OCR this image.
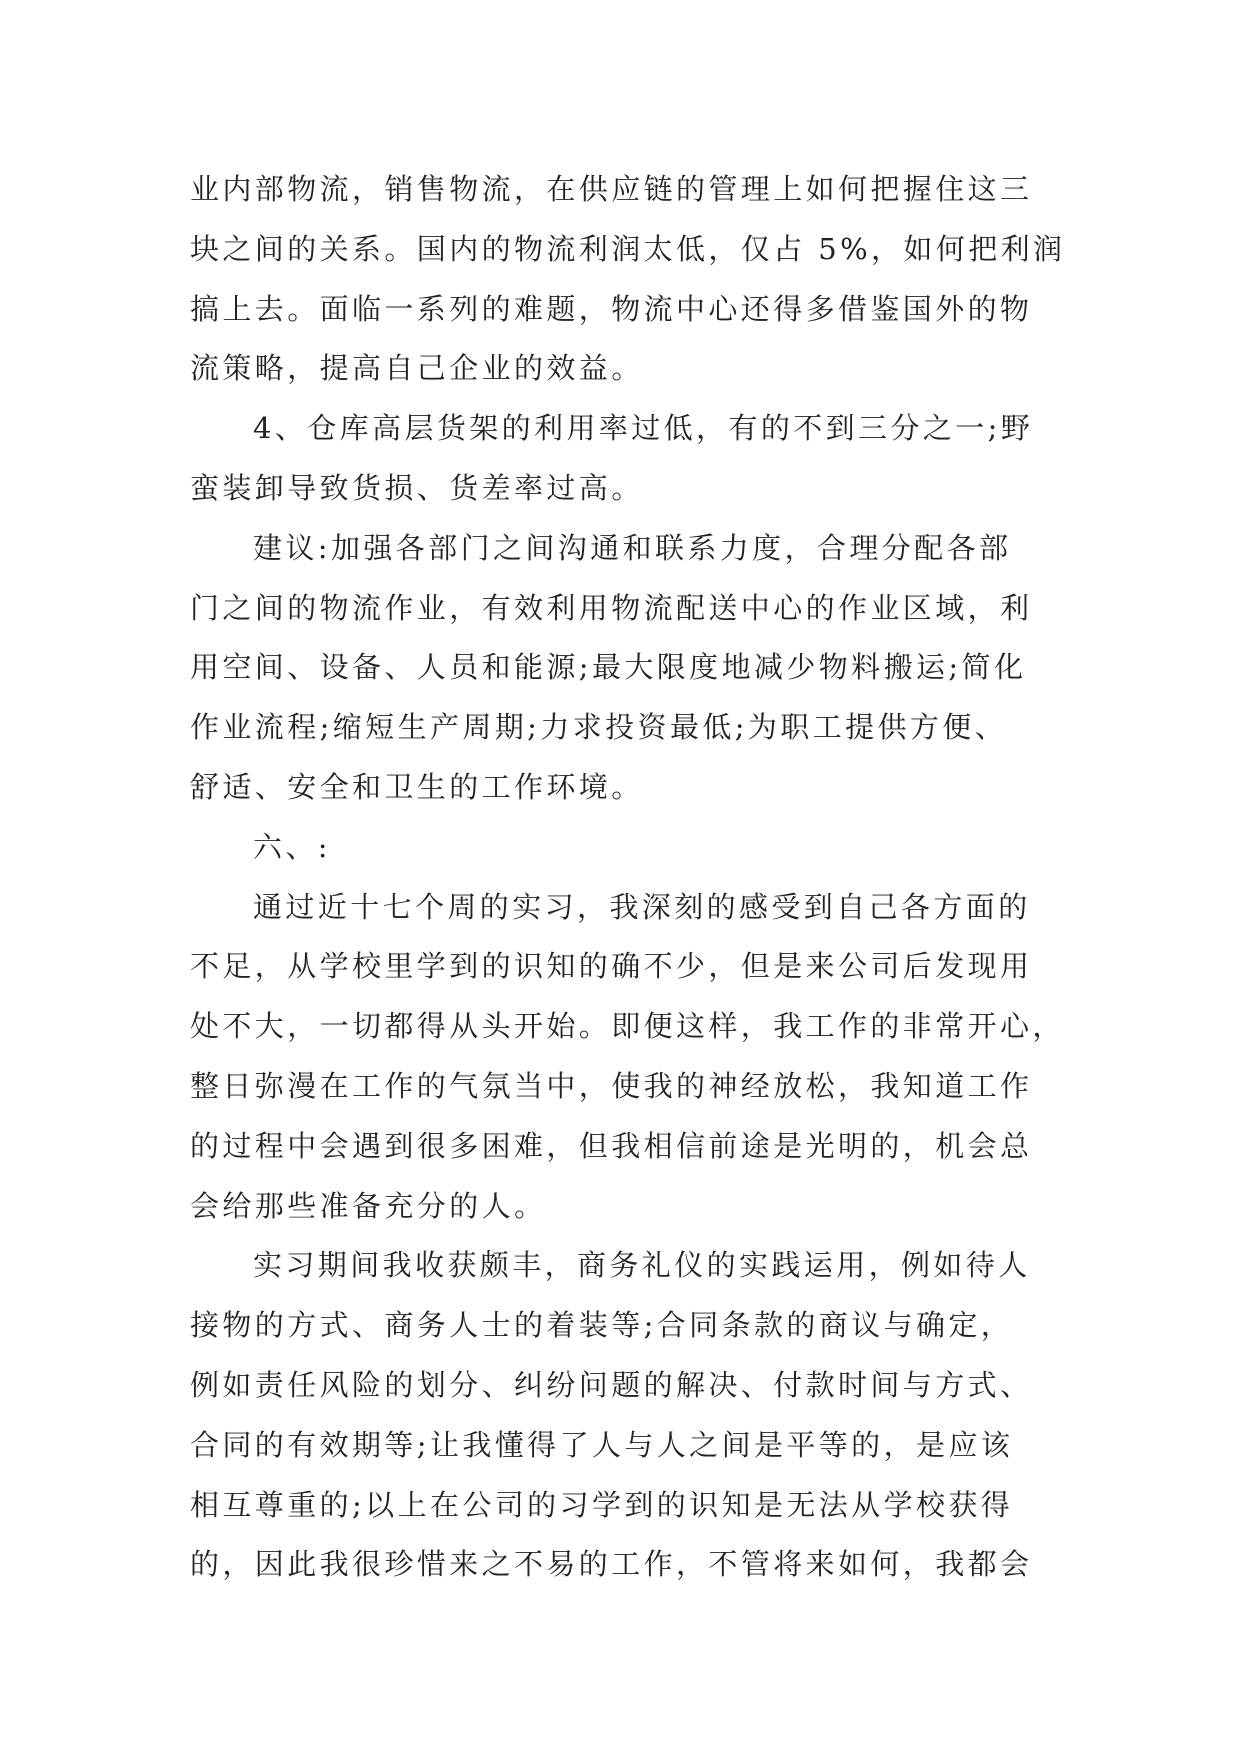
业内部物流，销售物流，在供应链的管理上如何把握住这三
块之间的关系。国内的物流利润太低，仅占 5%，如何把利润
搞上去。面临一系列的难题，物流中心还得多借鉴国外的物
流策略，提高自己企业的效益。
4、仓库高层货架的利用率过低，有的不到三分之一;野
蛮装卸导致货损、货差率过高。
建议:加强各部门之间沟通和联系力度，合理分配各部
门之间的物流作业，有效利用物流配送中心的作业区域，利
用空间、设备、人员和能源;最大限度地减少物料搬运;简化
作业流程;缩短生产周期;力求投资最低;为职工提供方便、
舒适、安全和卫生的工作环境。
六、:
通过近十七个周的实习，我深刻的感受到自己各方面的
不足，从学校里学到的识知的确不少，但是来公司后发现用
处不大，一切都得从头开始。即便这样，我工作的非常开心，
整日弥漫在工作的气氛当中，使我的神经放松，我知道工作
的过程中会遇到很多困难，但我相信前途是光明的，机会总
会给那些准备充分的人。
实习期间我收获颇丰，商务礼仪的实践运用，例如待人
接物的方式、商务人士的着装等;合同条款的商议与确定，
例如责任风险的划分、纠纷问题的解决、付款时间与方式、
合同的有效期等;让我懂得了人与人之间是平等的，是应该
相互尊重的;以上在公司的习学到的识知是无法从学校获得
的，因此我很珍惜来之不易的工作，不管将来如何，我都会
